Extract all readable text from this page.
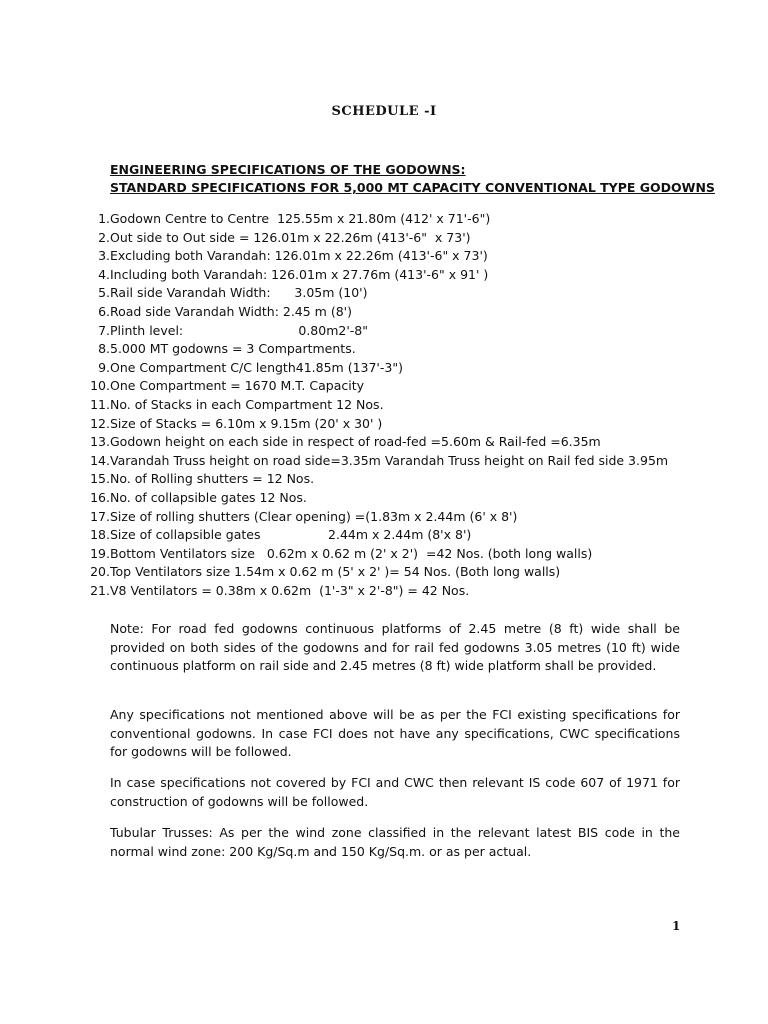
SCHEDULE -I
ENGINEERING SPECIFICATIONS OF THE GODOWNS:
STANDARD SPECIFICATIONS FOR 5,000 MT CAPACITY CONVENTIONAL TYPE GODOWNS
1. Godown Centre to Centre  125.55m x 21.80m (412' x 71'-6")
2. Out side to Out side = 126.01m x 22.26m (413'-6"  x 73')
3. Excluding both Varandah: 126.01m x 22.26m (413'-6" x 73')
4. Including both Varandah: 126.01m x 27.76m (413'-6" x 91' )
5. Rail side Varandah Width:      3.05m (10')
6. Road side Varandah Width: 2.45 m (8')
7. Plinth level:                             0.80m2'-8"
8. 5.000 MT godowns = 3 Compartments.
9. One Compartment C/C length41.85m (137'-3")
10. One Compartment = 1670 M.T. Capacity
11. No. of Stacks in each Compartment 12 Nos.
12. Size of Stacks = 6.10m x 9.15m (20' x 30' )
13. Godown height on each side in respect of road-fed =5.60m & Rail-fed =6.35m
14. Varandah Truss height on road side=3.35m Varandah Truss height on Rail fed side 3.95m
15. No. of Rolling shutters = 12 Nos.
16. No. of collapsible gates 12 Nos.
17. Size of rolling shutters (Clear opening) =(1.83m x 2.44m (6' x 8')
18. Size of collapsible gates                 2.44m x 2.44m (8'x 8')
19. Bottom Ventilators size   0.62m x 0.62 m (2' x 2')  =42 Nos. (both long walls)
20. Top Ventilators size 1.54m x 0.62 m (5' x 2' )= 54 Nos. (Both long walls)
21. V8 Ventilators = 0.38m x 0.62m  (1'-3" x 2'-8") = 42 Nos.

Note: For road fed godowns continuous platforms of 2.45 metre (8 ft) wide shall be provided on both sides of the godowns and for rail fed godowns 3.05 metres (10 ft) wide continuous platform on rail side and 2.45 metres (8 ft) wide platform shall be provided.

Any specifications not mentioned above will be as per the FCI existing specifications for conventional godowns. In case FCI does not have any specifications, CWC specifications for godowns will be followed.

In case specifications not covered by FCI and CWC then relevant IS code 607 of 1971 for construction of godowns will be followed.

Tubular Trusses: As per the wind zone classified in the relevant latest BIS code in the normal wind zone: 200 Kg/Sq.m and 150 Kg/Sq.m. or as per actual.

1
